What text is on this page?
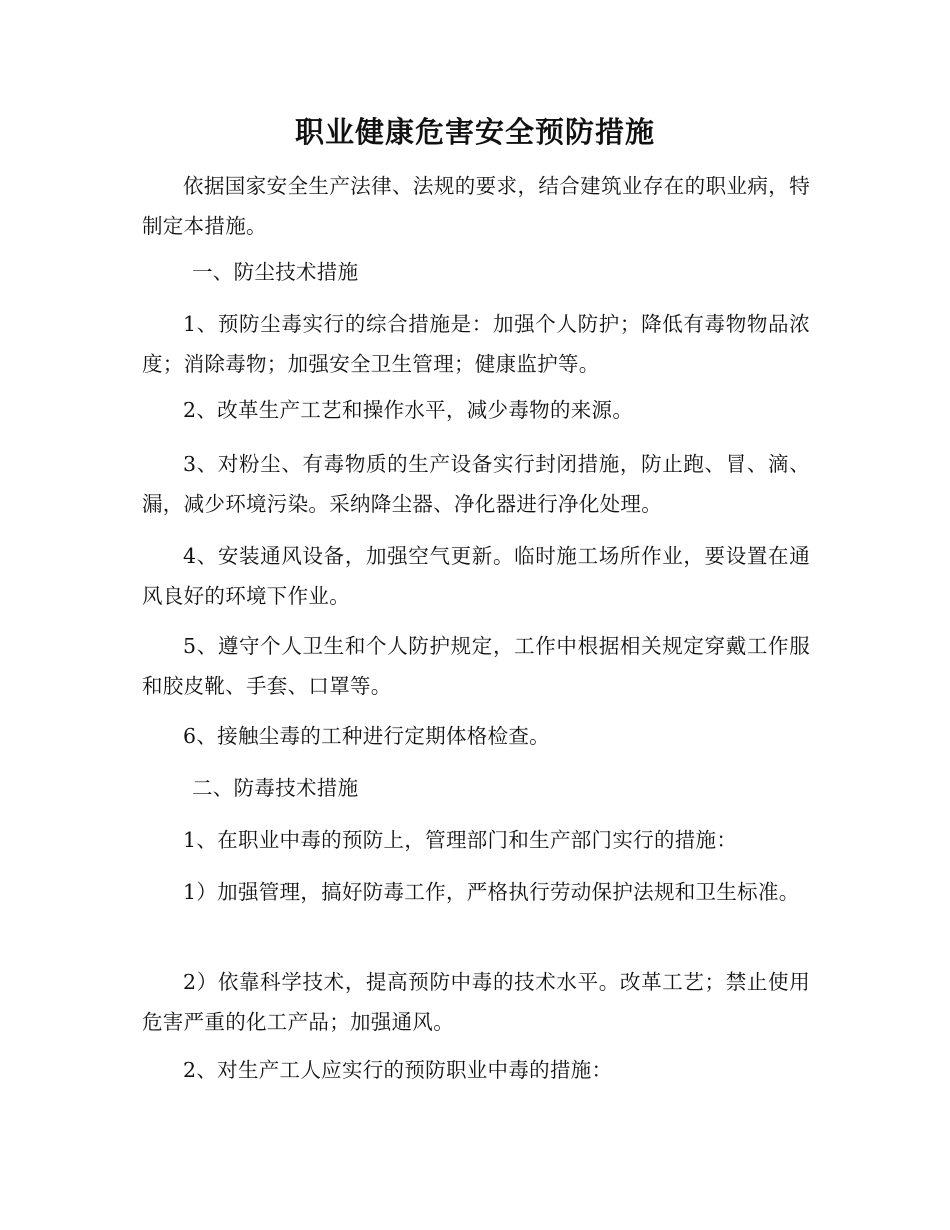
职业健康危害安全预防措施
依据国家安全生产法律、法规的要求，结合建筑业存在的职业病，特制定本措施。
一、防尘技术措施
1、预防尘毒实行的综合措施是：加强个人防护；降低有毒物物品浓度；消除毒物；加强安全卫生管理；健康监护等。
2、改革生产工艺和操作水平，减少毒物的来源。
3、对粉尘、有毒物质的生产设备实行封闭措施，防止跑、冒、滴、漏，减少环境污染。采纳降尘器、净化器进行净化处理。
4、安装通风设备，加强空气更新。临时施工场所作业，要设置在通风良好的环境下作业。
5、遵守个人卫生和个人防护规定，工作中根据相关规定穿戴工作服和胶皮靴、手套、口罩等。
6、接触尘毒的工种进行定期体格检查。
二、防毒技术措施
1、在职业中毒的预防上，管理部门和生产部门实行的措施：
1）加强管理，搞好防毒工作，严格执行劳动保护法规和卫生标准。
2）依靠科学技术，提高预防中毒的技术水平。改革工艺；禁止使用危害严重的化工产品；加强通风。
2、对生产工人应实行的预防职业中毒的措施：
